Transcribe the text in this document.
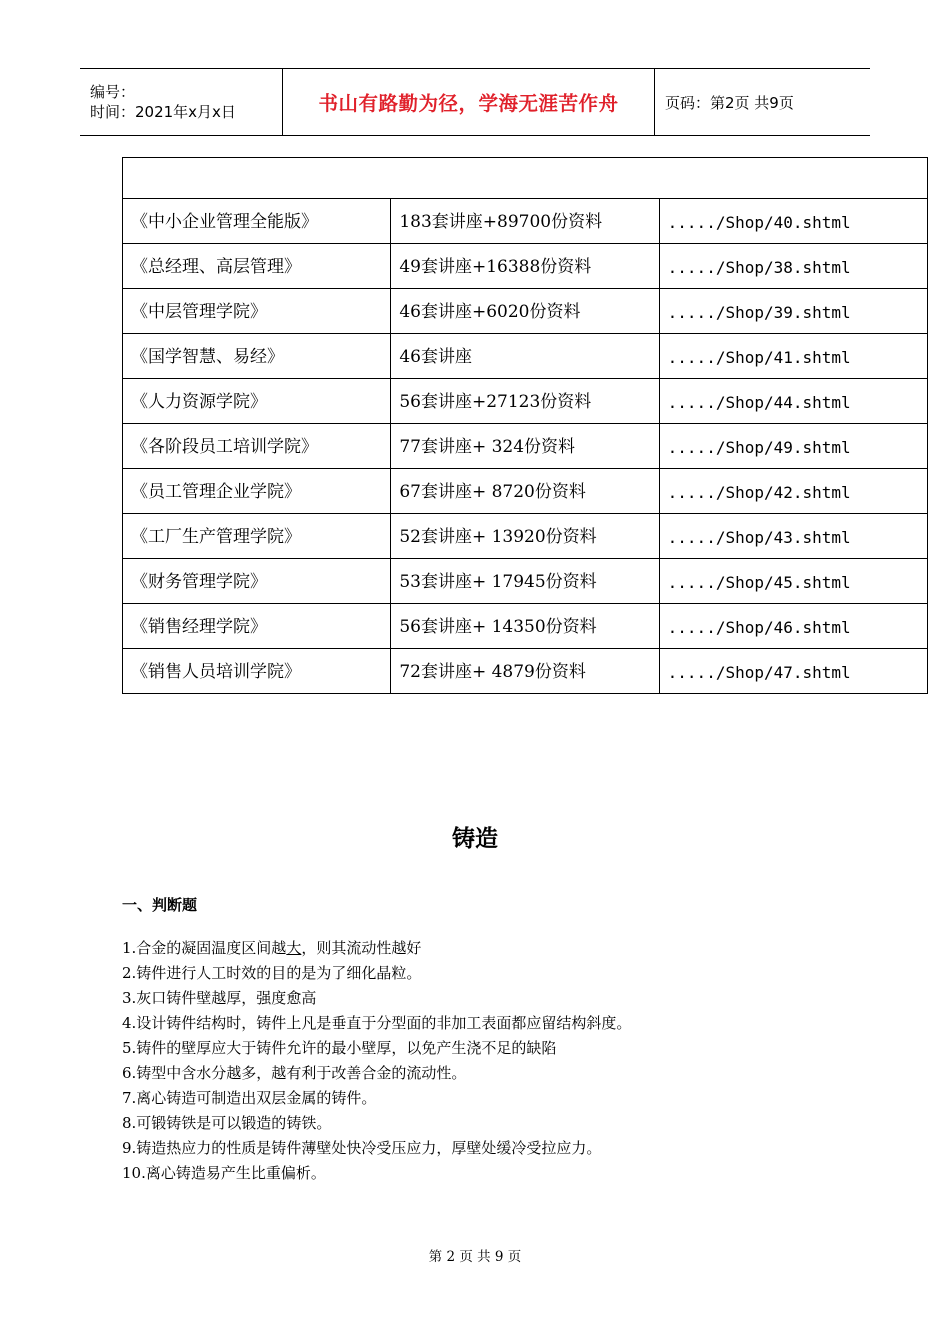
编号：
时间：2021年x月x日	书山有路勤为径，学海无涯苦作舟	页码：第2页 共9页

《中小企业管理全能版》	183套讲座+89700份资料	...../Shop/40.shtml
《总经理、高层管理》	49套讲座+16388份资料	...../Shop/38.shtml
《中层管理学院》	46套讲座+6020份资料	...../Shop/39.shtml
《国学智慧、易经》	46套讲座	...../Shop/41.shtml
《人力资源学院》	56套讲座+27123份资料	...../Shop/44.shtml
《各阶段员工培训学院》	77套讲座+ 324份资料	...../Shop/49.shtml
《员工管理企业学院》	67套讲座+ 8720份资料	...../Shop/42.shtml
《工厂生产管理学院》	52套讲座+ 13920份资料	...../Shop/43.shtml
《财务管理学院》	53套讲座+ 17945份资料	...../Shop/45.shtml
《销售经理学院》	56套讲座+ 14350份资料	...../Shop/46.shtml
《销售人员培训学院》	72套讲座+ 4879份资料	...../Shop/47.shtml
铸造
一、判断题
1.合金的凝固温度区间越大，则其流动性越好
2.铸件进行人工时效的目的是为了细化晶粒。
3.灰口铸件壁越厚，强度愈高
4.设计铸件结构时，铸件上凡是垂直于分型面的非加工表面都应留结构斜度。
5.铸件的壁厚应大于铸件允许的最小壁厚，以免产生浇不足的缺陷
6.铸型中含水分越多，越有利于改善合金的流动性。
7.离心铸造可制造出双层金属的铸件。
8.可锻铸铁是可以锻造的铸铁。
9.铸造热应力的性质是铸件薄壁处快冷受压应力，厚壁处缓冷受拉应力。
10.离心铸造易产生比重偏析。
第 2 页 共 9 页
